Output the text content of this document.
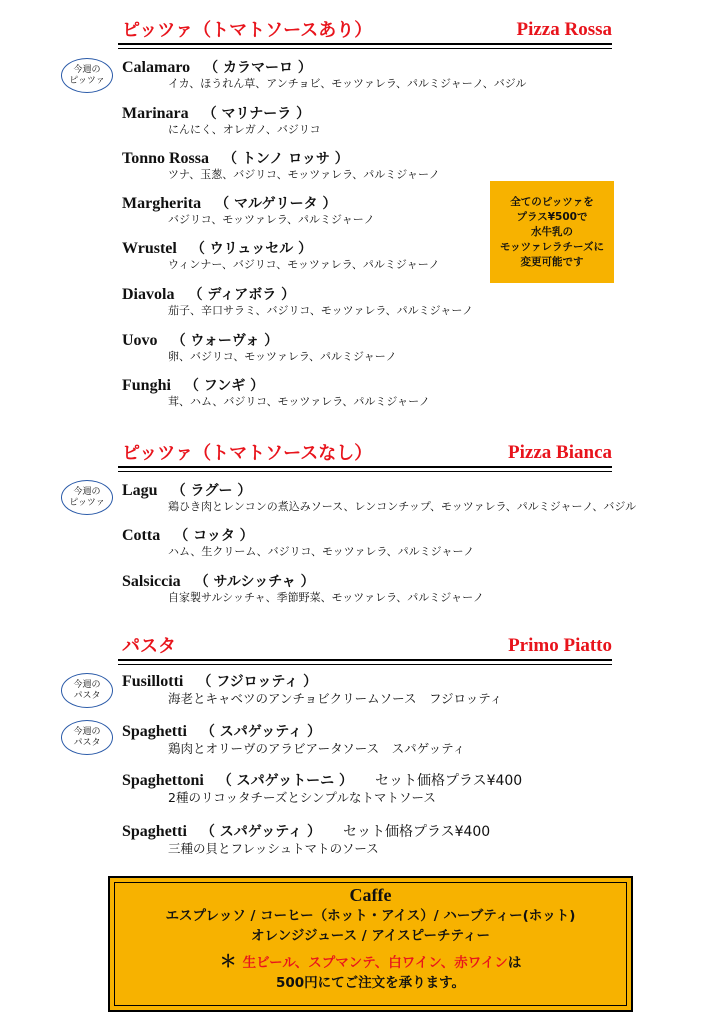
ピッツァ（トマトソースあり）	Pizza Rossa
今週の
ピッツァ
Calamaro （ カラマーロ ）
イカ、ほうれん草、アンチョビ、モッツァレラ、パルミジャーノ、バジル
Marinara （ マリナーラ ）
にんにく、オレガノ、バジリコ
Tonno Rossa （ トンノ ロッサ ）
ツナ、玉葱、バジリコ、モッツァレラ、パルミジャーノ
Margherita （ マルゲリータ ）
バジリコ、モッツァレラ、パルミジャーノ
Wrustel （ ウリュッセル ）
ウィンナー、バジリコ、モッツァレラ、パルミジャーノ
Diavola （ ディアボラ ）
茄子、辛口サラミ、バジリコ、モッツァレラ、パルミジャーノ
Uovo （ ウォーヴォ ）
卵、バジリコ、モッツァレラ、パルミジャーノ
Funghi （ フンギ ）
茸、ハム、バジリコ、モッツァレラ、パルミジャーノ
全てのピッツァを
プラス¥500で
水牛乳の
モッツァレラチーズに
変更可能です
ピッツァ（トマトソースなし）	Pizza Bianca
今週の
ピッツァ
Lagu （ ラグー ）
鶏ひき肉とレンコンの煮込みソース、レンコンチップ、モッツァレラ、パルミジャーノ、バジル
Cotta （ コッタ ）
ハム、生クリーム、バジリコ、モッツァレラ、パルミジャーノ
Salsiccia （ サルシッチャ ）
自家製サルシッチャ、季節野菜、モッツァレラ、パルミジャーノ
パスタ	Primo Piatto
今週の
パスタ
今週の
パスタ
Fusillotti （ フジロッティ ）
海老とキャベツのアンチョビクリームソース　フジロッティ
Spaghetti （ スパゲッティ ）
鶏肉とオリーヴのアラビアータソース　スパゲッティ
Spaghettoni （ スパゲットーニ ） セット価格プラス¥400
2種のリコッタチーズとシンプルなトマトソース
Spaghetti （ スパゲッティ ） セット価格プラス¥400
三種の貝とフレッシュトマトのソース
Caffe
エスプレッソ / コーヒー（ホット・アイス）/ ハーブティー(ホット)
オレンジジュース / アイスピーチティー
＊ 生ビール、スプマンテ、白ワイン、赤ワインは
500円にてご注文を承ります。
